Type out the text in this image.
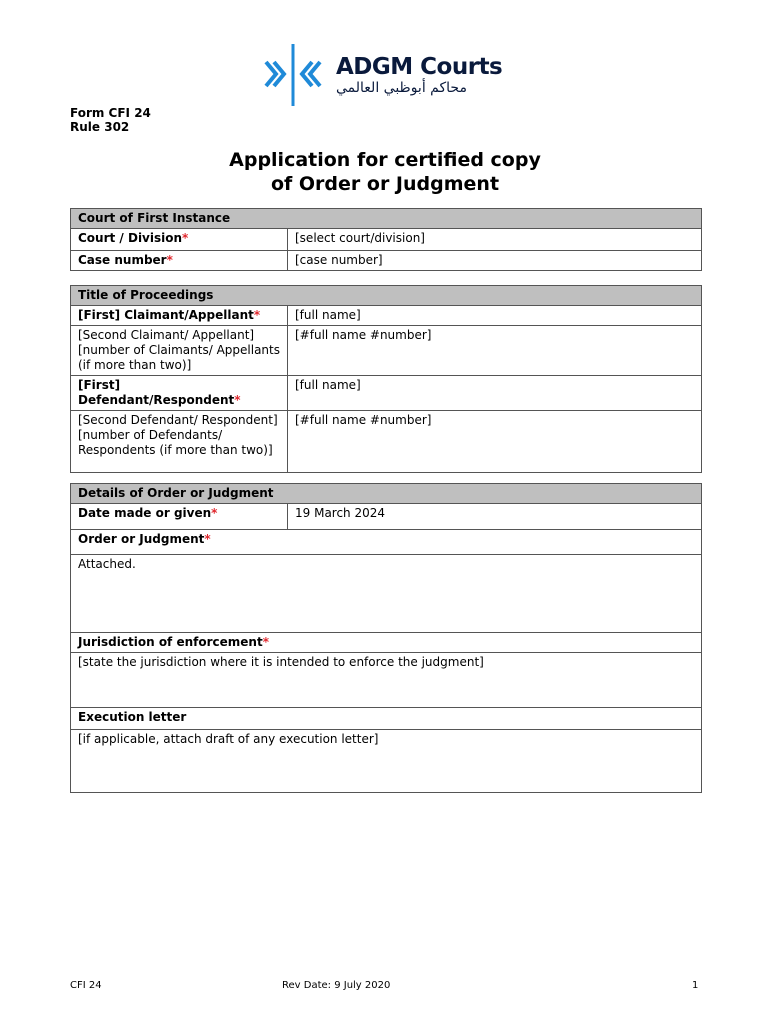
ADGM Courts
محاكم أبوظبي العالمي
Form CFI 24
Rule 302
Application for certified copy
of Order or Judgment
Court of First Instance	
Court / Division*	[select court/division]
Case number*	[case number]
Title of Proceedings	
[First] Claimant/Appellant*	[full name]
[Second Claimant/ Appellant] [number of Claimants/ Appellants (if more than two)]	[#full name #number]

[First]
Defendant/Respondent*	[full name]
[Second Defendant/ Respondent] [number of Defendants/ Respondents (if more than two)]	[#full name #number]
Details of Order or Judgment
Date made or given*	19 March 2024
Order or Judgment*
Attached.
Jurisdiction of enforcement*
[state the jurisdiction where it is intended to enforce the judgment]
Execution letter
[if applicable, attach draft of any execution letter]
CFI 24	Rev Date: 9 July 2020	1
